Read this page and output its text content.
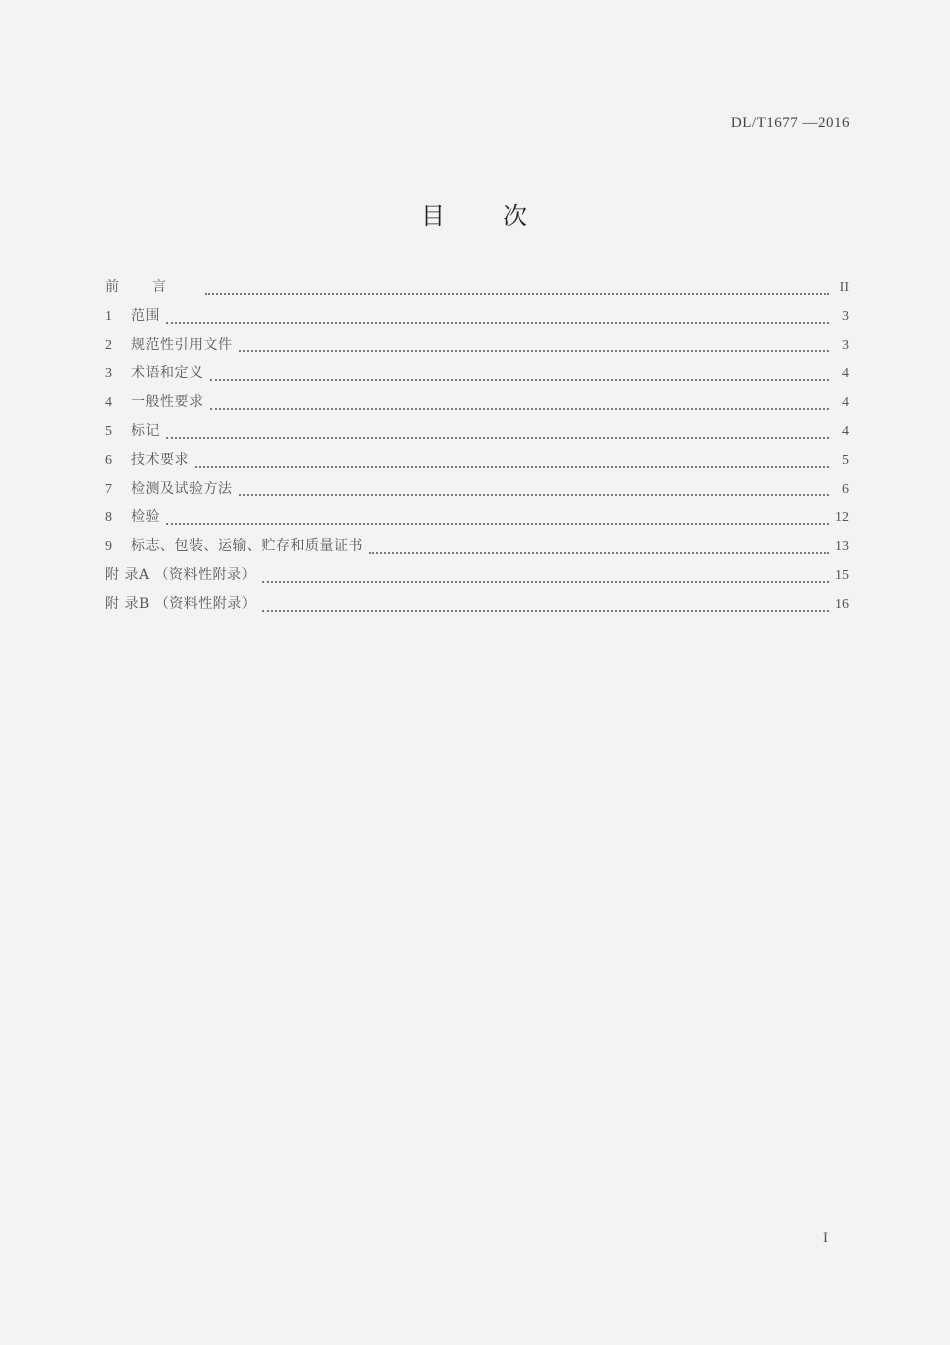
DL/T1677 —2016
目 次
前言	II
1	范围	3
2	规范性引用文件	3
3	术语和定义	4
4	一般性要求	4
5	标记	4
6	技术要求	5
7	检测及试验方法	6
8	检验	12
9	标志、包装、运输、贮存和质量证书	13
附 录A （资料性附录）	15
附 录B （资料性附录）	16
I
